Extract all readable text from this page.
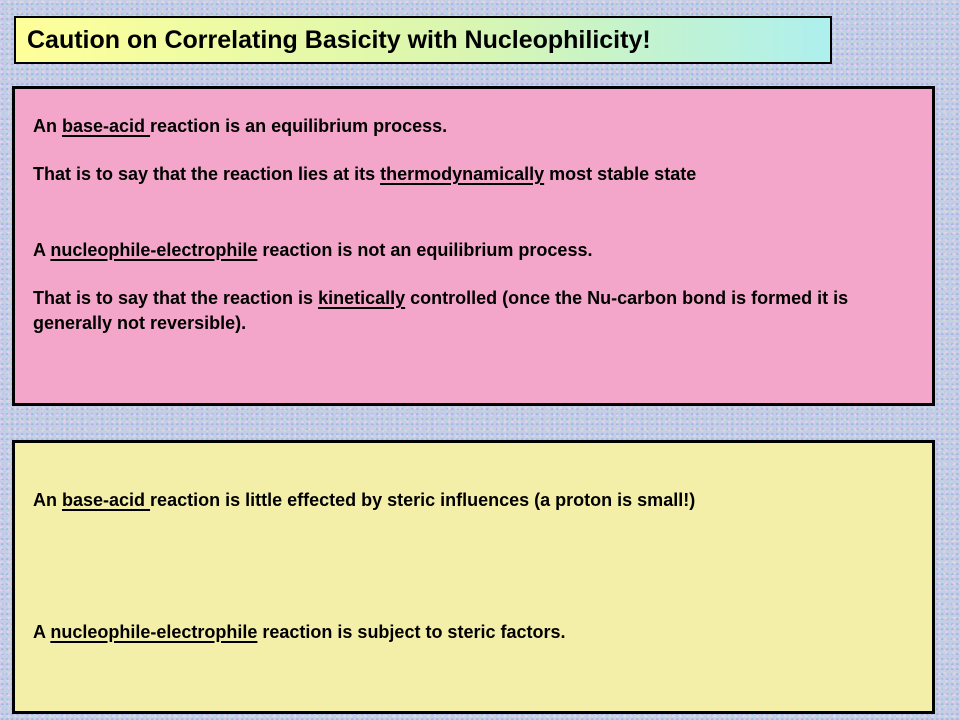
Caution on Correlating Basicity with Nucleophilicity!

An base-acid reaction is an equilibrium process.

That is to say that the reaction lies at its thermodynamically most stable state

A nucleophile-electrophile reaction is not an equilibrium process.

That is to say that the reaction is kinetically controlled (once the Nu-carbon bond is formed it is generally not reversible).

An base-acid reaction is little effected by steric influences (a proton is small!)

A nucleophile-electrophile reaction is subject to steric factors.
